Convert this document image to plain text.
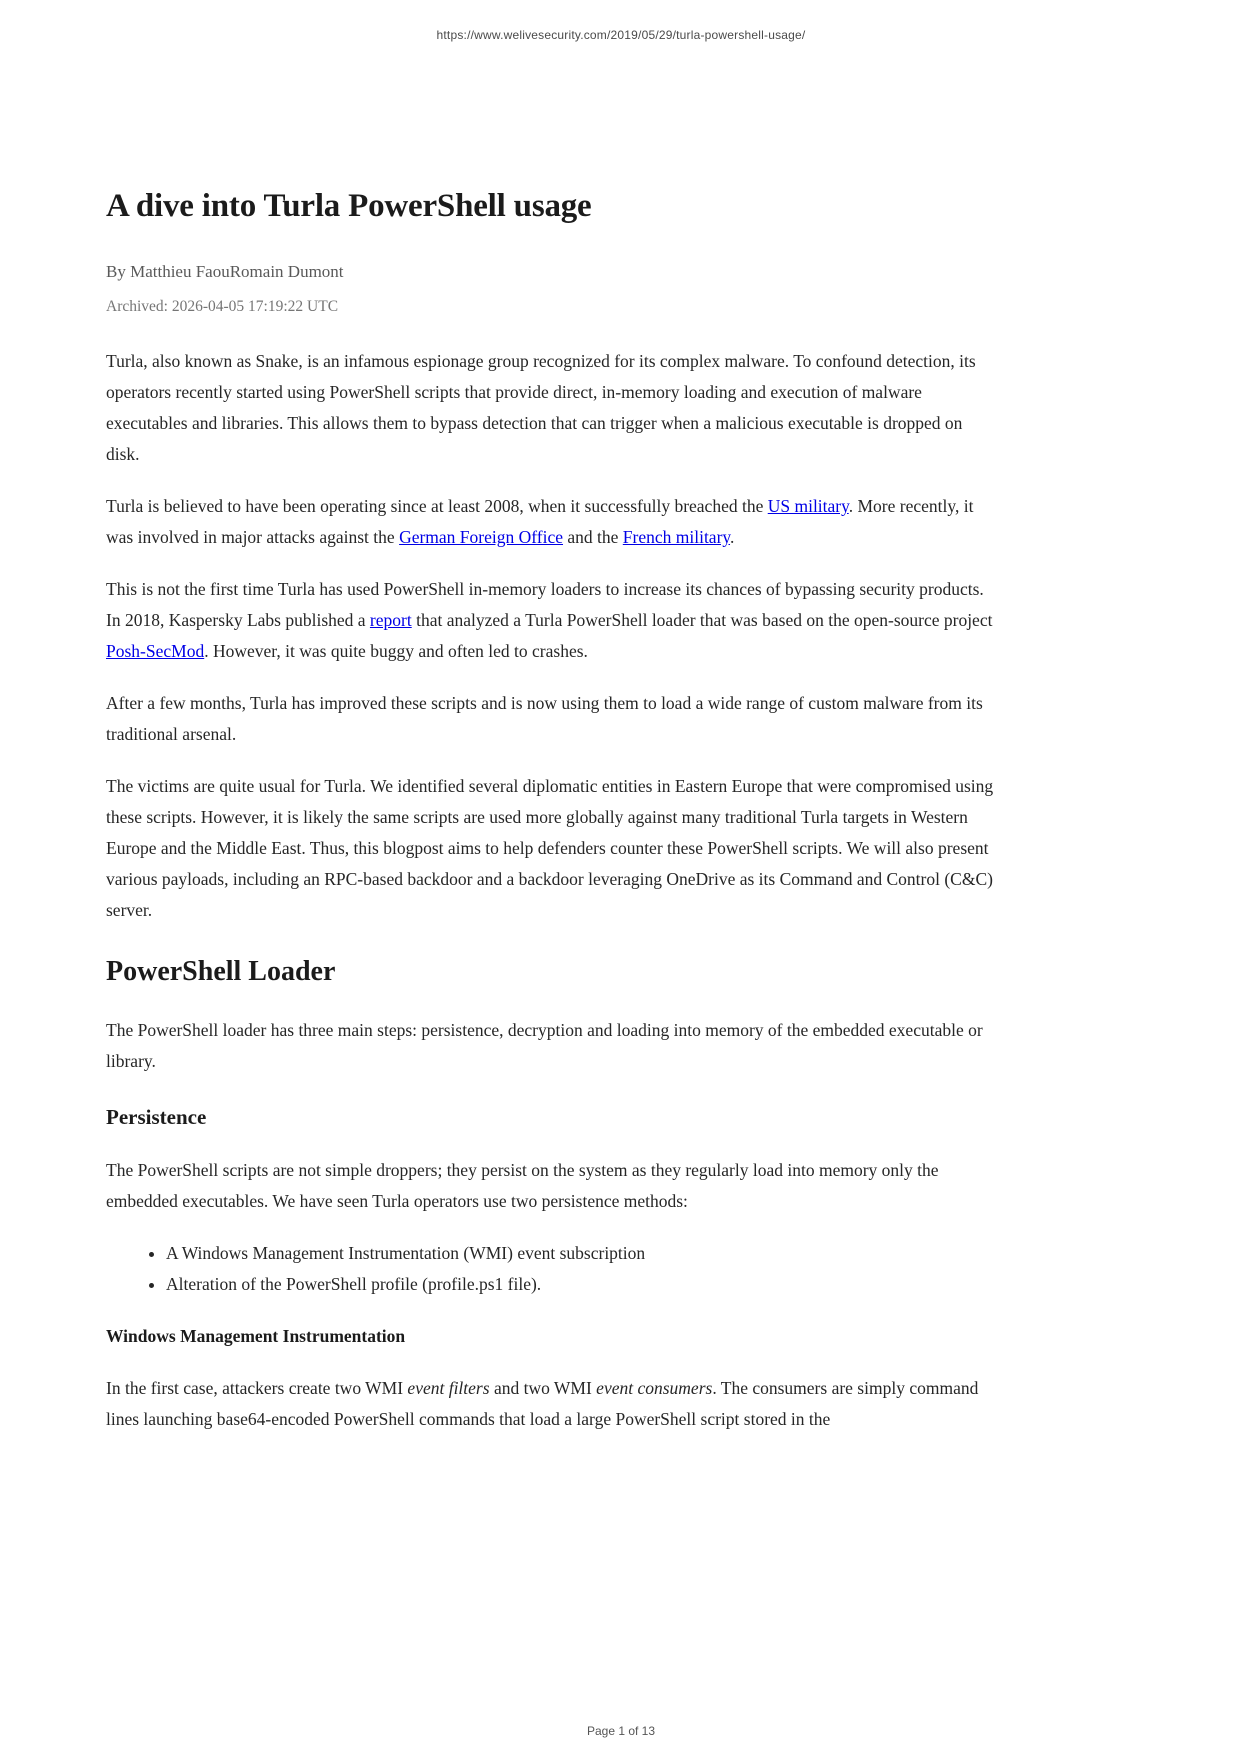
https://www.welivesecurity.com/2019/05/29/turla-powershell-usage/
A dive into Turla PowerShell usage

By Matthieu FaouRomain Dumont

Archived: 2026-04-05 17:19:22 UTC

Turla, also known as Snake, is an infamous espionage group recognized for its complex malware. To confound detection, its operators recently started using PowerShell scripts that provide direct, in-memory loading and execution of malware executables and libraries. This allows them to bypass detection that can trigger when a malicious executable is dropped on disk.

Turla is believed to have been operating since at least 2008, when it successfully breached the US military. More recently, it was involved in major attacks against the German Foreign Office and the French military.

This is not the first time Turla has used PowerShell in-memory loaders to increase its chances of bypassing security products. In 2018, Kaspersky Labs published a report that analyzed a Turla PowerShell loader that was based on the open-source project Posh-SecMod. However, it was quite buggy and often led to crashes.

After a few months, Turla has improved these scripts and is now using them to load a wide range of custom malware from its traditional arsenal.

The victims are quite usual for Turla. We identified several diplomatic entities in Eastern Europe that were compromised using these scripts. However, it is likely the same scripts are used more globally against many traditional Turla targets in Western Europe and the Middle East. Thus, this blogpost aims to help defenders counter these PowerShell scripts. We will also present various payloads, including an RPC-based backdoor and a backdoor leveraging OneDrive as its Command and Control (C&C) server.

PowerShell Loader

The PowerShell loader has three main steps: persistence, decryption and loading into memory of the embedded executable or library.

Persistence

The PowerShell scripts are not simple droppers; they persist on the system as they regularly load into memory only the embedded executables. We have seen Turla operators use two persistence methods:

• A Windows Management Instrumentation (WMI) event subscription
• Alteration of the PowerShell profile (profile.ps1 file).
Windows Management Instrumentation

In the first case, attackers create two WMI event filters and two WMI event consumers. The consumers are simply command lines launching base64-encoded PowerShell commands that load a large PowerShell script stored in the

Page 1 of 13
